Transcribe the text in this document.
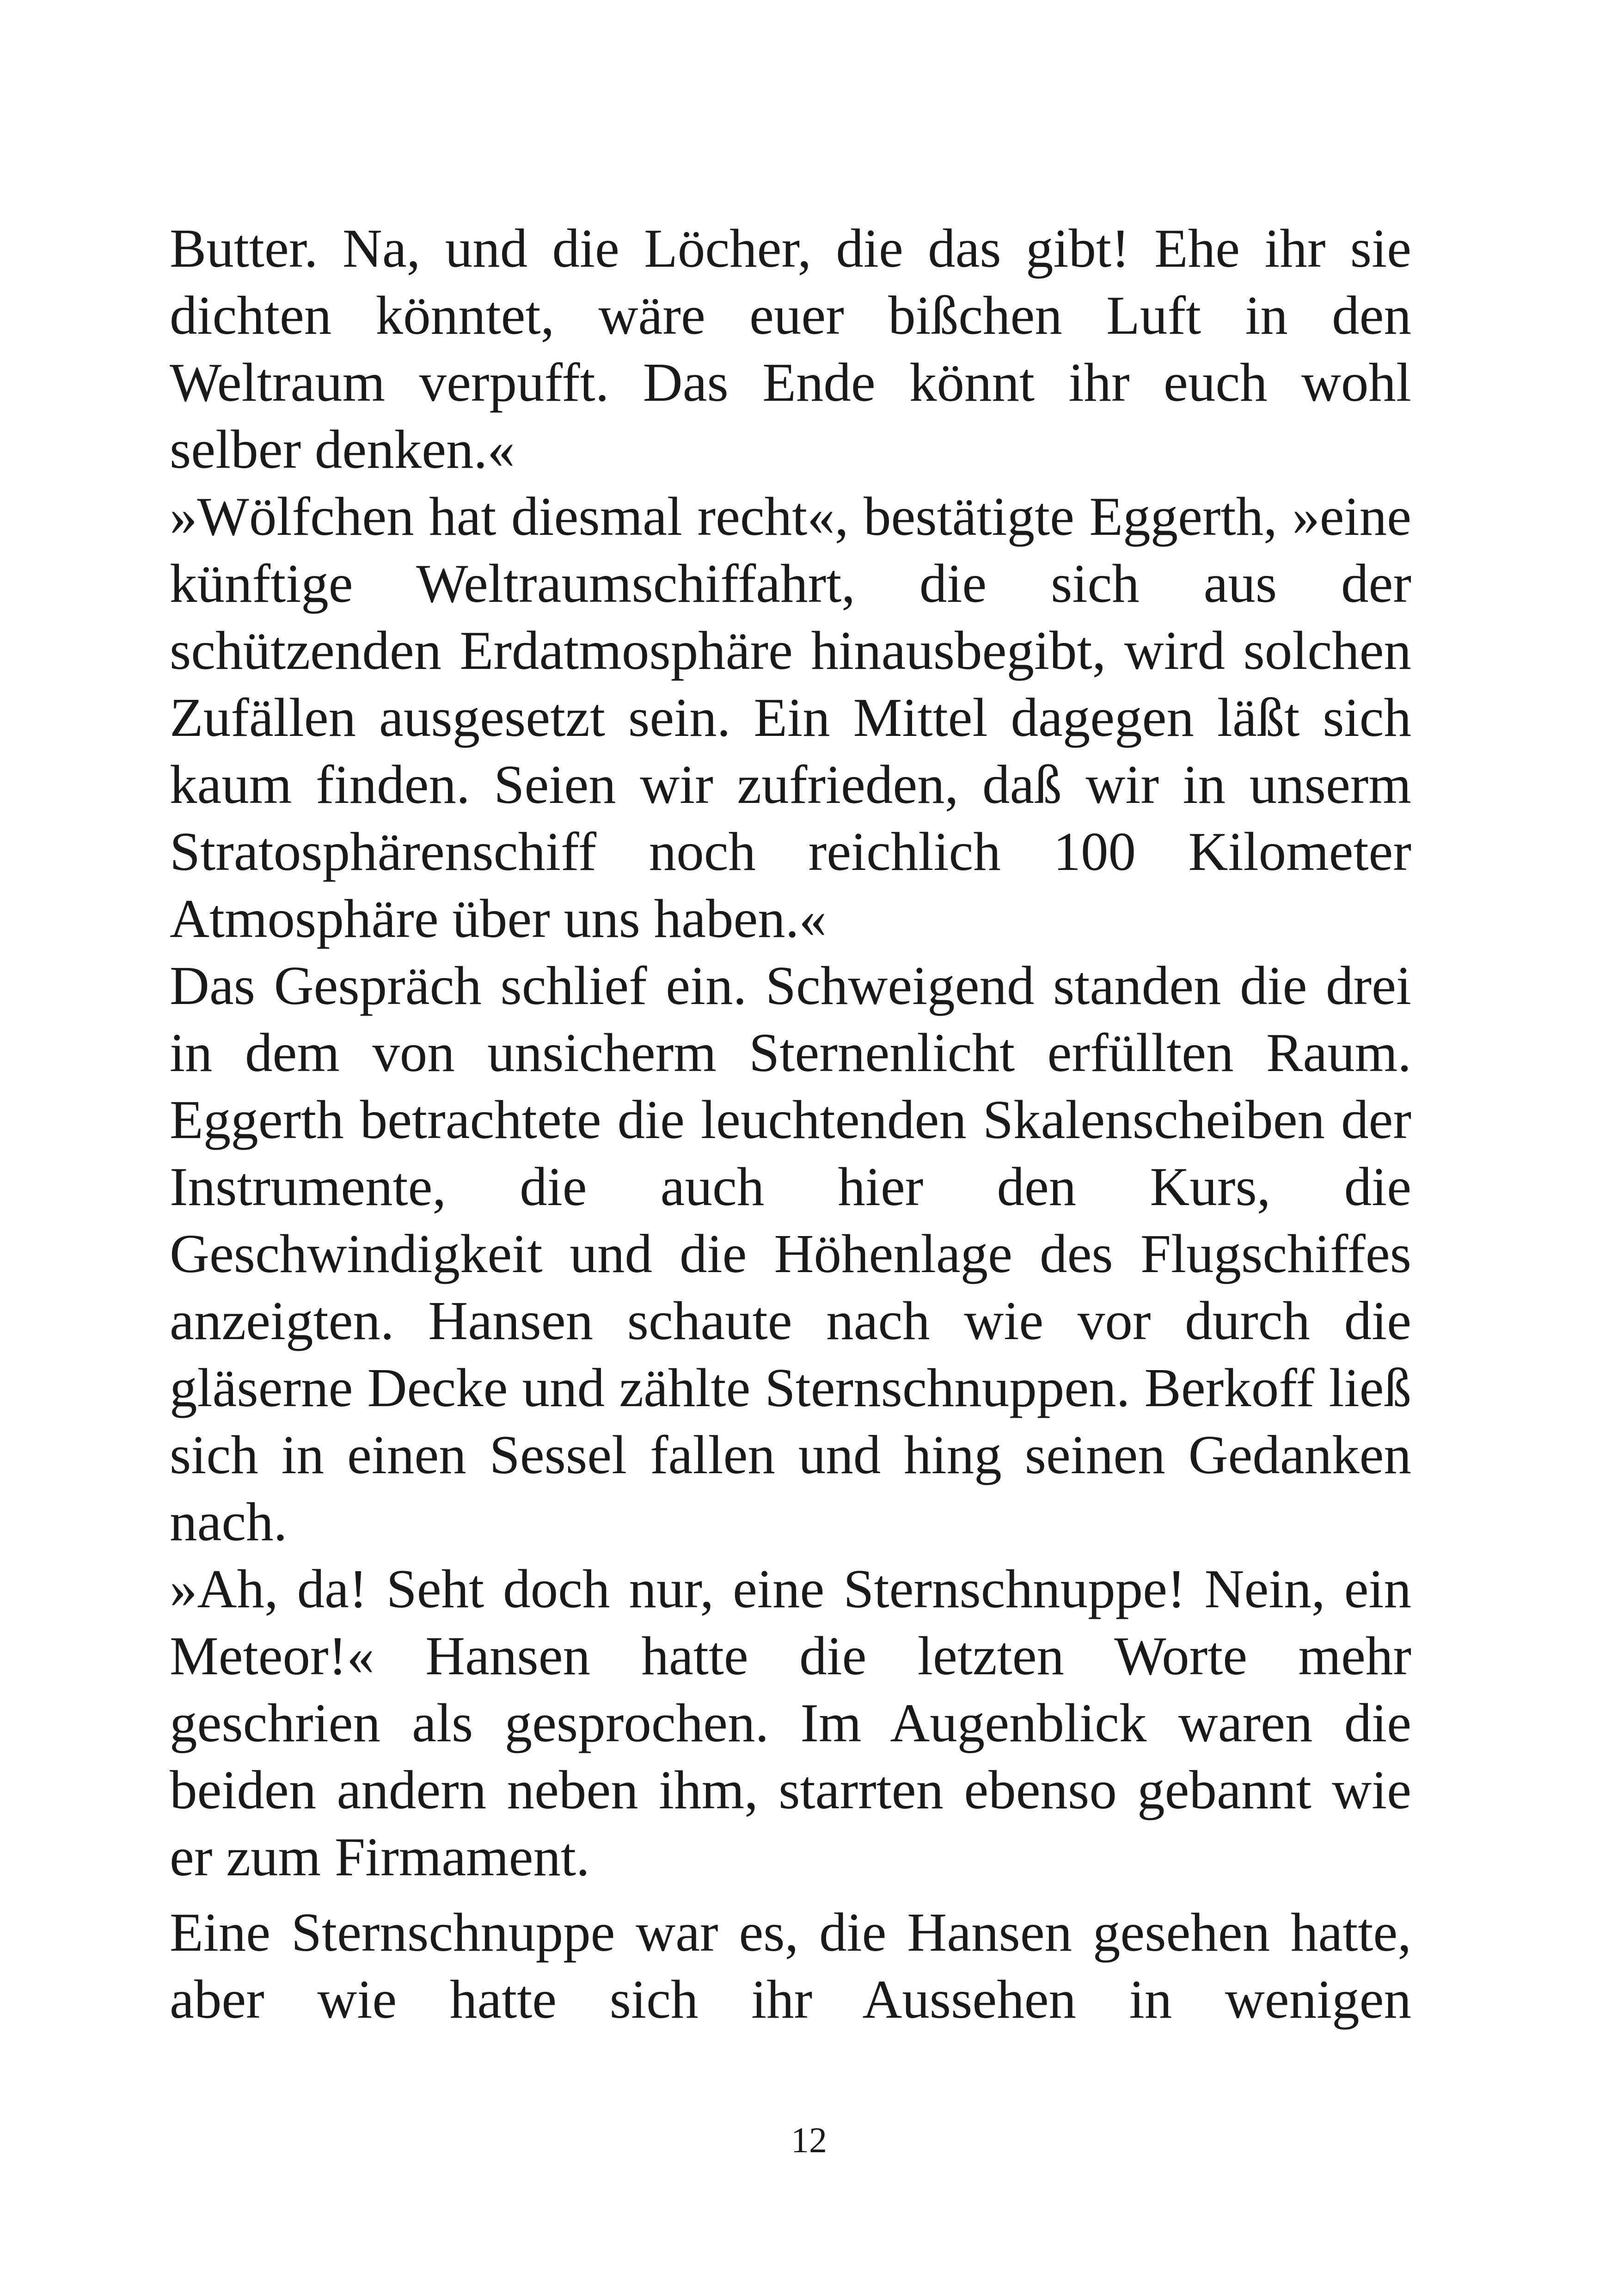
Butter. Na, und die Löcher, die das gibt! Ehe ihr sie dichten könntet, wäre euer bißchen Luft in den Weltraum verpufft. Das Ende könnt ihr euch wohl selber denken.«

»Wölfchen hat diesmal recht«, bestätigte Eggerth, »eine künftige Weltraumschiffahrt, die sich aus der schützenden Erdatmosphäre hinausbegibt, wird solchen Zufällen ausgesetzt sein. Ein Mittel dagegen läßt sich kaum finden. Seien wir zufrieden, daß wir in unserm Stratosphärenschiff noch reichlich 100 Kilometer Atmosphäre über uns haben.«

Das Gespräch schlief ein. Schweigend standen die drei in dem von unsicherm Sternenlicht erfüllten Raum. Eggerth betrachtete die leuchtenden Skalenscheiben der Instrumente, die auch hier den Kurs, die Geschwindigkeit und die Höhenlage des Flugschiffes anzeigten. Hansen schaute nach wie vor durch die gläserne Decke und zählte Sternschnuppen. Berkoff ließ sich in einen Sessel fallen und hing seinen Gedanken nach.

»Ah, da! Seht doch nur, eine Sternschnuppe! Nein, ein Meteor!« Hansen hatte die letzten Worte mehr geschrien als gesprochen. Im Augenblick waren die beiden andern neben ihm, starrten ebenso gebannt wie er zum Firmament.

Eine Sternschnuppe war es, die Hansen gesehen hatte, aber wie hatte sich ihr Aussehen in wenigen

12
